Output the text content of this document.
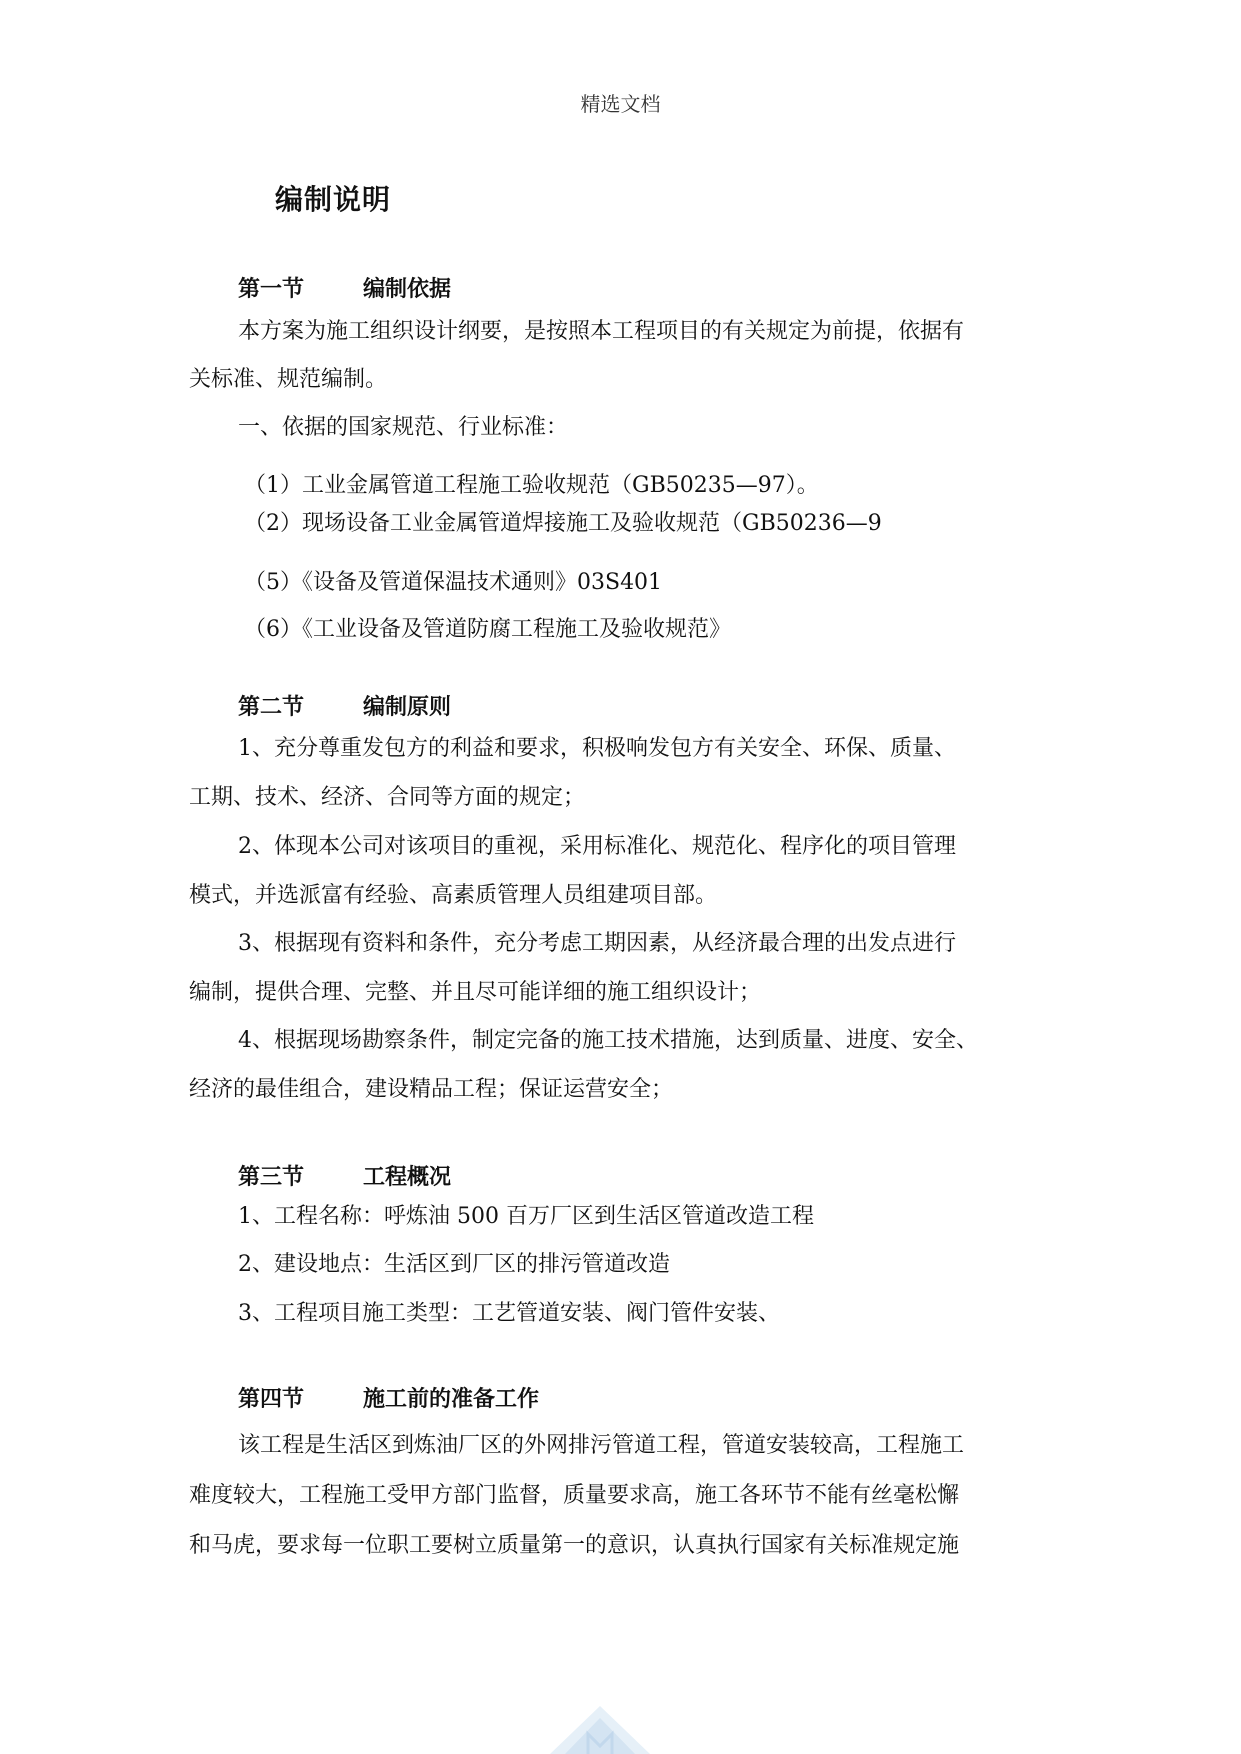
精选文档
编制说明
第一节	编制依据
本方案为施工组织设计纲要，是按照本工程项目的有关规定为前提，依据有
关标准、规范编制。
一、依据的国家规范、行业标准：
（1）工业金属管道工程施工验收规范（GB50235—97）。
（2）现场设备工业金属管道焊接施工及验收规范（GB50236—9
（5）《设备及管道保温技术通则》03S401
（6）《工业设备及管道防腐工程施工及验收规范》
第二节	编制原则
1、充分尊重发包方的利益和要求，积极响发包方有关安全、环保、质量、
工期、技术、经济、合同等方面的规定；
2、体现本公司对该项目的重视，采用标准化、规范化、程序化的项目管理
模式，并选派富有经验、高素质管理人员组建项目部。
3、根据现有资料和条件，充分考虑工期因素，从经济最合理的出发点进行
编制，提供合理、完整、并且尽可能详细的施工组织设计；
4、根据现场勘察条件，制定完备的施工技术措施，达到质量、进度、安全、
经济的最佳组合，建设精品工程；保证运营安全；
第三节	工程概况
1、工程名称：呼炼油 500 百万厂区到生活区管道改造工程
2、建设地点：生活区到厂区的排污管道改造
3、工程项目施工类型：工艺管道安装、阀门管件安装、
第四节	施工前的准备工作
该工程是生活区到炼油厂区的外网排污管道工程，管道安装较高，工程施工
难度较大，工程施工受甲方部门监督，质量要求高，施工各环节不能有丝毫松懈
和马虎，要求每一位职工要树立质量第一的意识，认真执行国家有关标准规定施
